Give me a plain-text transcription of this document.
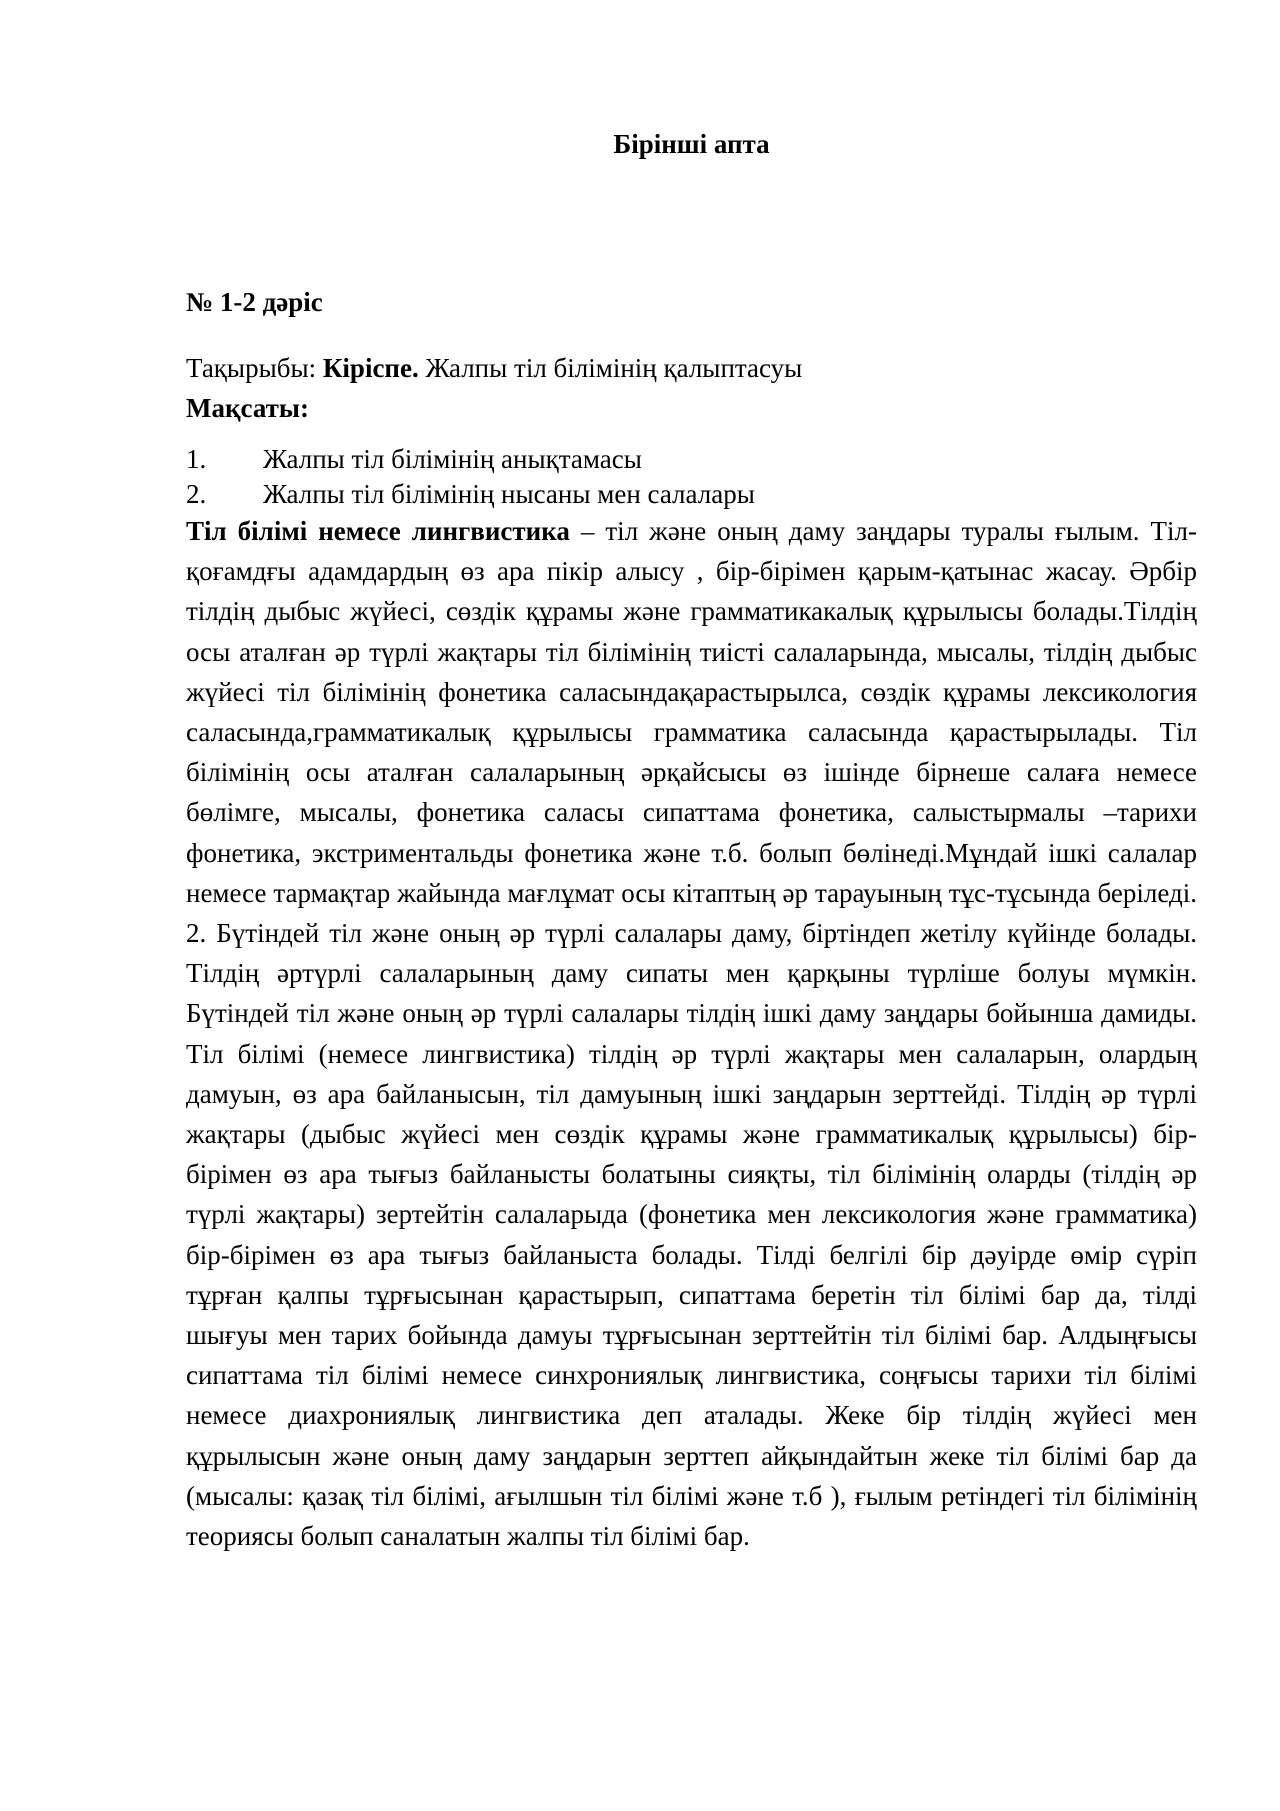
Бірінші апта

№ 1-2 дәріс

Тақырыбы: Кіріспе. Жалпы тіл білімінің қалыптасуы

Мақсаты:

1.	Жалпы тіл білімінің анықтамасы
2.	Жалпы тіл білімінің нысаны мен салалары

Тіл білімі немесе лингвистика – тіл және оның даму заңдары туралы ғылым. Тіл-қоғамдғы адамдардың өз ара пікір алысу , бір-бірімен қарым-қатынас жасау. Әрбір тілдің дыбыс жүйесі, сөздік құрамы және грамматикакалық құрылысы болады.Тілдің осы аталған әр түрлі жақтары тіл білімінің тиісті салаларында, мысалы, тілдің дыбыс жүйесі тіл білімінің фонетика саласындақарастырылса, сөздік құрамы лексикология саласында,грамматикалық құрылысы грамматика саласында қарастырылады. Тіл білімінің осы аталған салаларының әрқайсысы өз ішінде бірнеше салаға немесе бөлімге, мысалы, фонетика саласы сипаттама фонетика, салыстырмалы –тарихи фонетика, экстриментальды фонетика және т.б. болып бөлінеді.Мұндай ішкі салалар немесе тармақтар жайында мағлұмат осы кітаптың әр тарауының тұс-тұсында беріледі. 2. Бүтіндей тіл және оның әр түрлі салалары даму, біртіндеп жетілу күйінде болады. Тілдің әртүрлі салаларының даму сипаты мен қарқыны түрліше болуы мүмкін. Бүтіндей тіл және оның әр түрлі салалары тілдің ішкі даму заңдары бойынша дамиды. Тіл білімі (немесе лингвистика) тілдің әр түрлі жақтары мен салаларын, олардың дамуын, өз ара байланысын, тіл дамуының ішкі заңдарын зерттейді. Тілдің әр түрлі жақтары (дыбыс жүйесі мен сөздік құрамы және грамматикалық құрылысы) бір-бірімен өз ара тығыз байланысты болатыны сияқты, тіл білімінің оларды (тілдің әр түрлі жақтары) зертейтін салаларыда (фонетика мен лексикология және грамматика) бір-бірімен өз ара тығыз байланыста болады. Тілді белгілі бір дәуірде өмір сүріп тұрған қалпы тұрғысынан қарастырып, сипаттама беретін тіл білімі бар да, тілді шығуы мен тарих бойында дамуы тұрғысынан зерттейтін тіл білімі бар. Алдыңғысы сипаттама тіл білімі немесе синхрониялық лингвистика, соңғысы тарихи тіл білімі немесе диахрониялық лингвистика деп аталады. Жеке бір тілдің жүйесі мен құрылысын және оның даму заңдарын зерттеп айқындайтын жеке тіл білімі бар да (мысалы: қазақ тіл білімі, ағылшын тіл білімі және т.б ), ғылым ретіндегі тіл білімінің теориясы болып саналатын жалпы тіл білімі бар.
